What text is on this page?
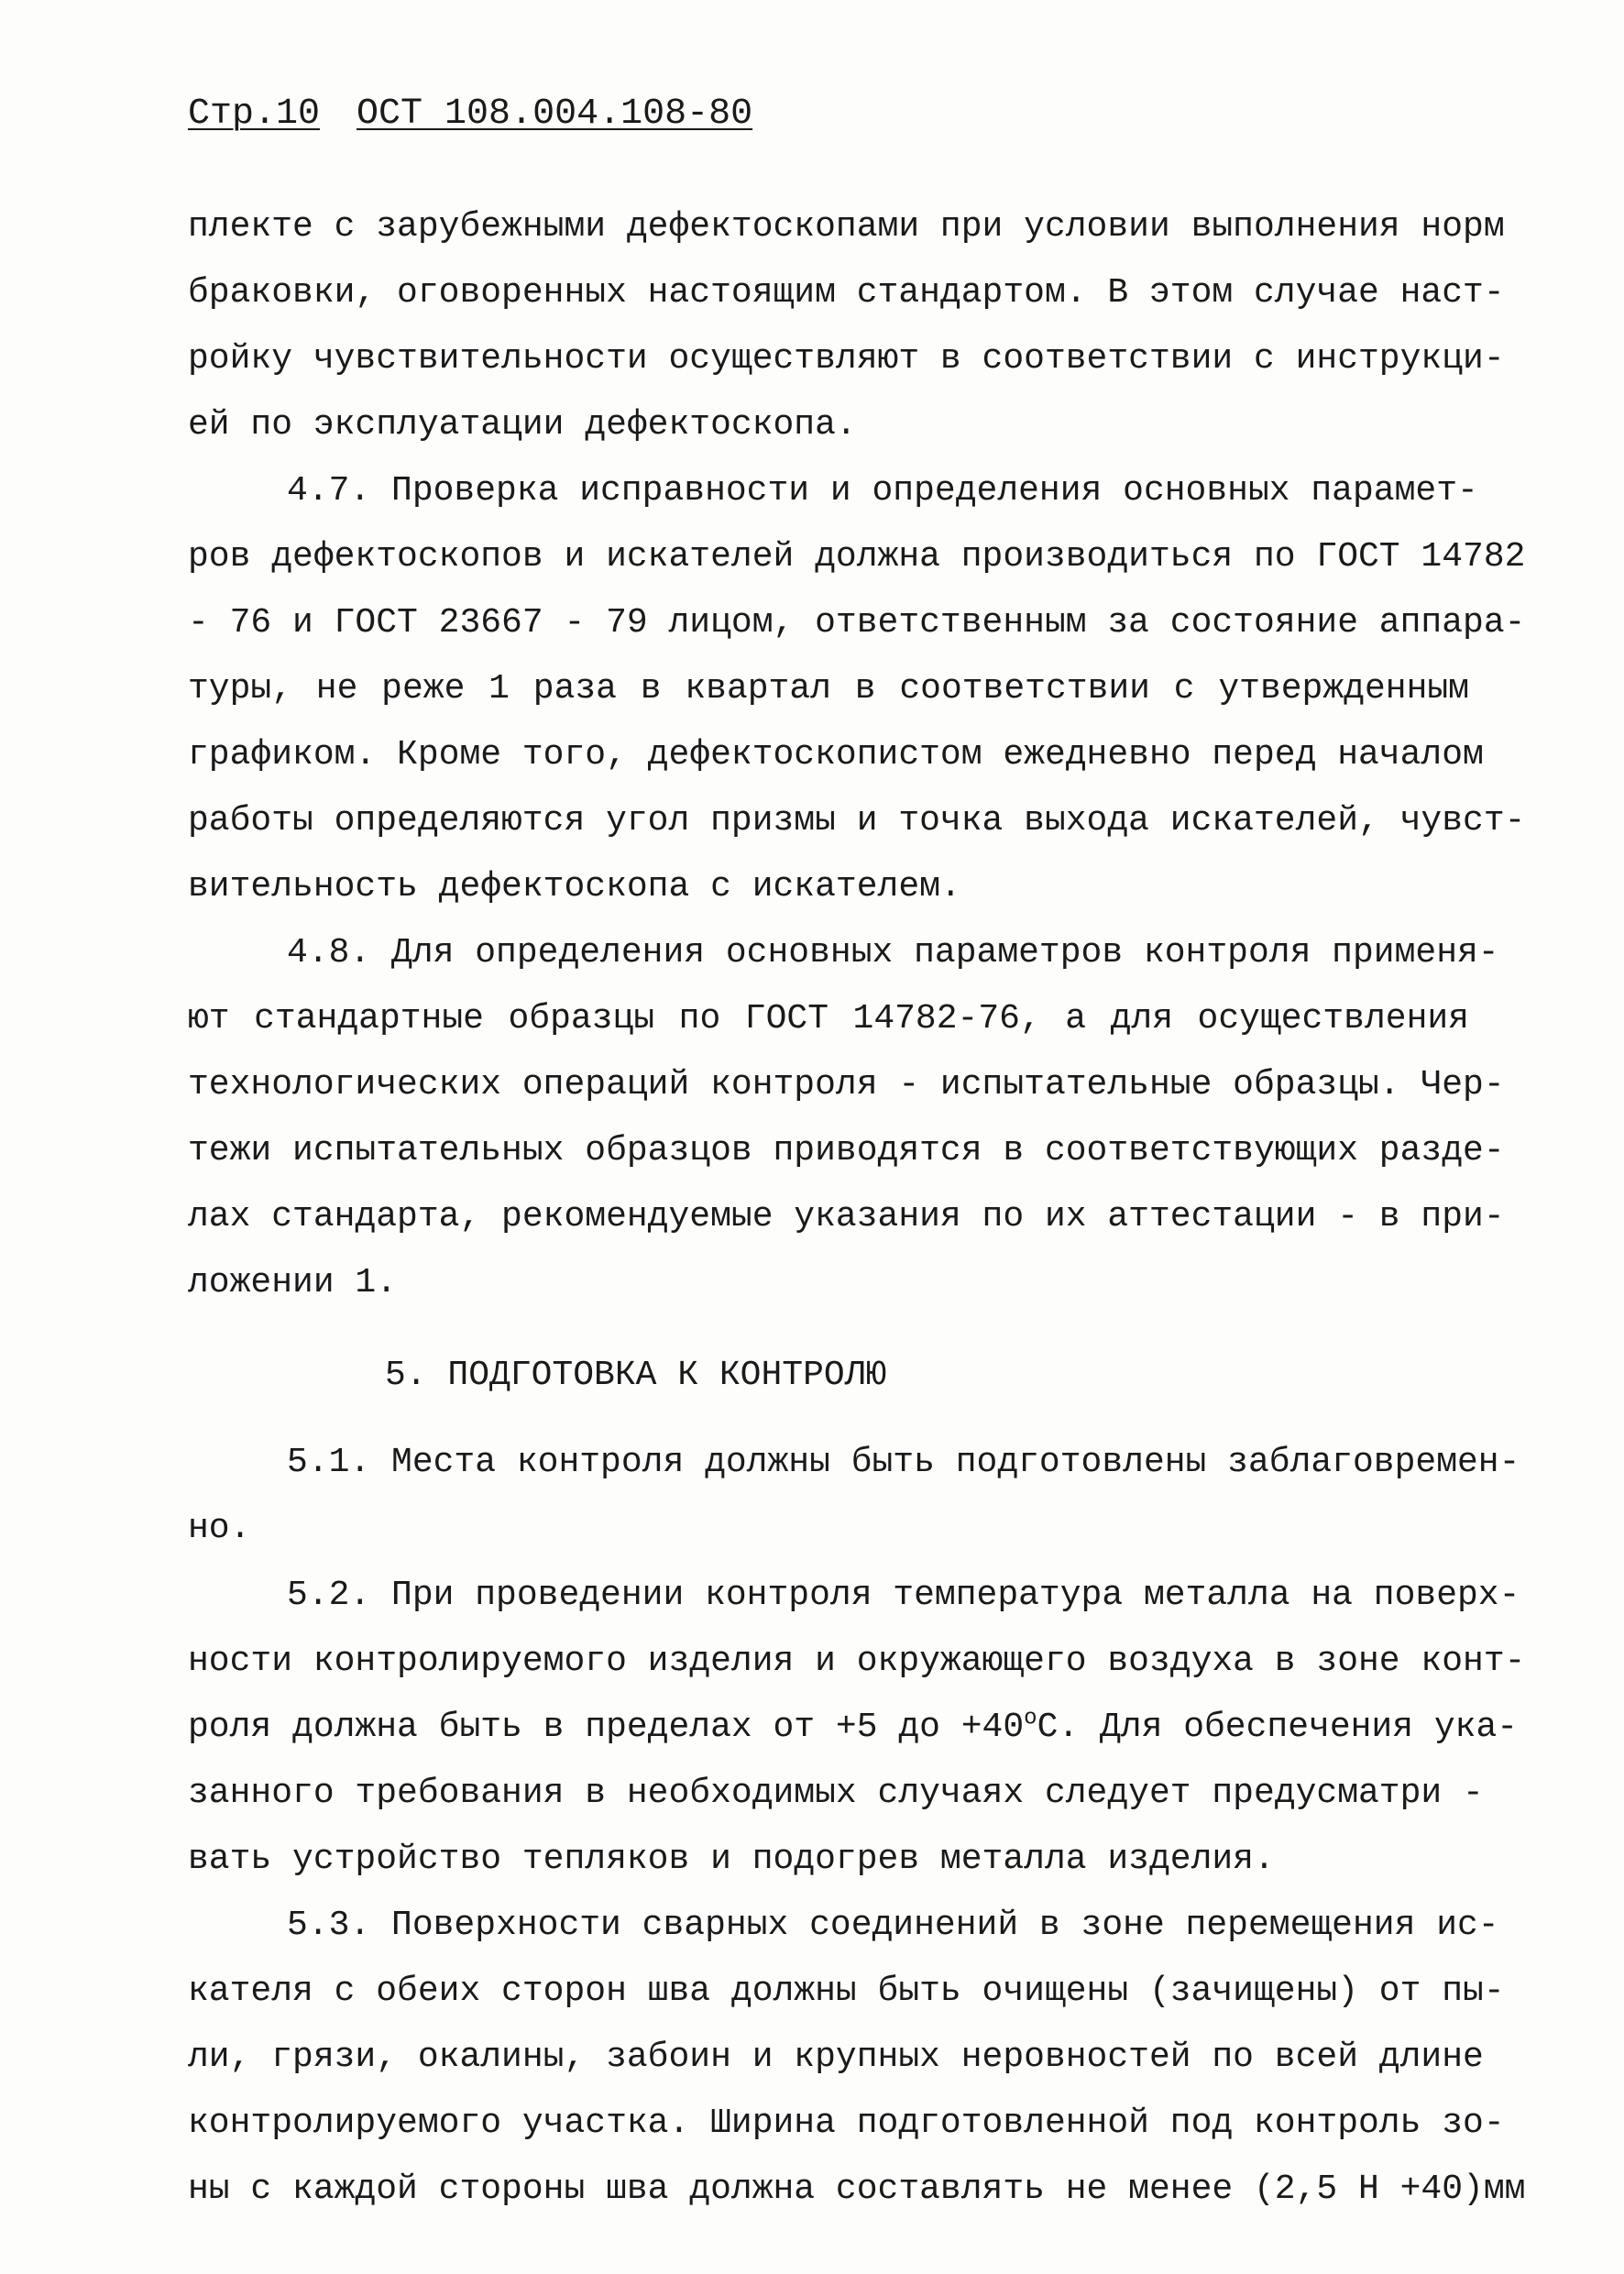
Стр.10 ОСТ 108.004.108-80
плекте с зарубежными дефектоскопами при условии выполнения норм
браковки, оговоренных настоящим стандартом. В этом случае наст-
ройку чувствительности осуществляют в соответствии с инструкци-
ей по эксплуатации дефектоскопа.
4.7. Проверка исправности и определения основных парамет-
ров дефектоскопов и искателей должна производиться по ГОСТ 14782
- 76 и ГОСТ 23667 - 79 лицом, ответственным за состояние аппара-
туры, не реже 1 раза в квартал в соответствии с утвержденным
графиком. Кроме того, дефектоскопистом ежедневно перед началом
работы определяются угол призмы и точка выхода искателей, чувст-
вительность дефектоскопа с искателем.
4.8. Для определения основных параметров контроля применя-
ют стандартные образцы по ГОСТ 14782-76, а для осуществления
технологических операций контроля - испытательные образцы. Чер-
тежи испытательных образцов приводятся в соответствующих разде-
лах стандарта, рекомендуемые указания по их аттестации - в при-
ложении 1.
5. ПОДГОТОВКА К КОНТРОЛЮ
5.1. Места контроля должны быть подготовлены заблаговремен-
но.
5.2. При проведении контроля температура металла на поверх-
ности контролируемого изделия и окружающего воздуха в зоне конт-
роля должна быть в пределах от +5 до $+40^оС$. Для обеспечения ука-
занного требования в необходимых случаях следует предусматри -
вать устройство тепляков и подогрев металла изделия.
5.3. Поверхности сварных соединений в зоне перемещения ис-
кателя с обеих сторон шва должны быть очищены (зачищены) от пы-
ли, грязи, окалины, забоин и крупных неровностей по всей длине
контролируемого участка. Ширина подготовленной под контроль зо-
ны с каждой стороны шва должна составлять не менее (2,5 Н +40)мм
